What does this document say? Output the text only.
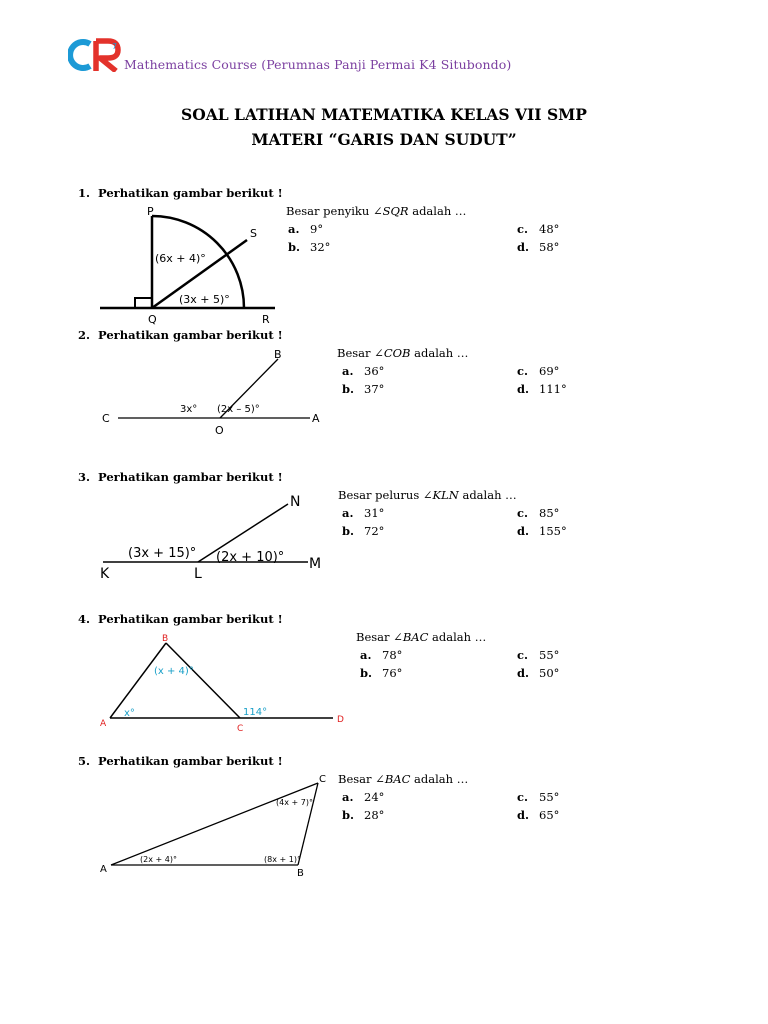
7
Mathematics Course (Perumnas Panji Permai K4 Situbondo)
SOAL LATIHAN MATEMATIKA KELAS VII SMP
MATERI “GARIS DAN SUDUT”
1. Perhatikan gambar berikut !
Besar penyiku ∠SQR adalah …
a. 9°
b. 32°
c. 48°
d. 58°
P
S
Q	R
(6x + 4)°
(3x + 5)°
2. Perhatikan gambar berikut !
Besar ∠COB adalah …
a. 36°
b. 37°
c. 69°
d. 111°
B
C	A
O
3x° (2x – 5)°
3. Perhatikan gambar berikut !
Besar pelurus ∠KLN adalah …
a. 31°
b. 72°
c. 85°
d. 155°
N
K	L
M
(3x + 15)° (2x + 10)°
4. Perhatikan gambar berikut !
Besar ∠BAC adalah …
a. 78°
b. 76°
c. 55°
d. 50°
B
A	C
D
(x + 4)°
x°	114°
5. Perhatikan gambar berikut !
Besar ∠BAC adalah …
a. 24°
b. 28°
c. 55°
d. 65°
C
A	B
(4x + 7)°
(2x + 4)°	(8x + 1)°
